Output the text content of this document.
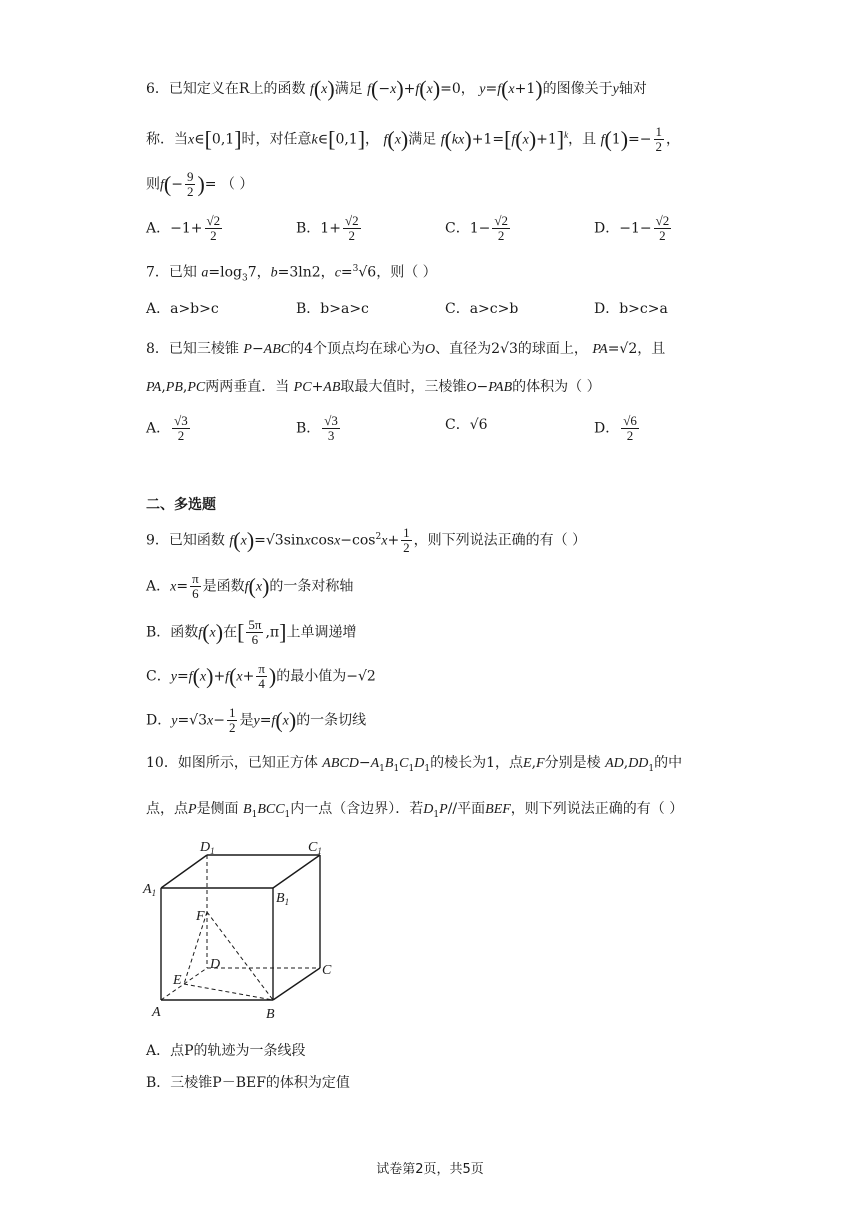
6．已知定义在R上的函数 f(x)满足 f(−x)+f(x)=0， y=f(x+1)的图像关于y轴对
称．当x∈[0,1]时，对任意k∈[0,1]， f(x)满足 $f(kx)+1=[f(x)+1]^k$，且 $f(1)=- \frac{1}{2}$ ，
则$f(- \frac{9}{2}$ )= （ ）
A．$-1+ \frac{√2}{2}$	B．$1+ \frac{√2}{2}$	C．$1- \frac{√2}{2}$	D．$-1- \frac{√2}{2}$
7．已知 $a=\log_37$，b=3ln2，c=$^3$√6，则（ ）
A．a>b>c	B．b>a>c	C．a>c>b	D．b>c>a
8．已知三棱锥 P−ABC的4个顶点均在球心为O、直径为2√3的球面上， PA=√2，且
PA,PB,PC两两垂直．当 PC+AB取最大值时，三棱锥O−PAB的体积为（ ）
A． $\frac{√3}{2}$	B． $\frac{√3}{3}$	C．√6	D． $\frac{√6}{2}$
二、多选题
9．已知函数 $f(x)=√3sinxcosx-\cos^2x+ \frac{1}{2}$ ，则下列说法正确的有（ ）
A．$x= \frac{\pi}{6}$ 是函数f(x)的一条对称轴
B．函数f(x)在[ $\frac{5\pi}{6} ,\pi$]上单调递增
C．$y=f(x)+f(x+ \frac{\pi}{4}$ )的最小值为−√2
D．$y=√3x- \frac{1}{2}$ 是y=f(x)的一条切线
10．如图所示，已知正方体 $ABCD-A_1B_1C_1D_1$的棱长为1，点E,F分别是棱 $AD,DD_1$的中
点，点P是侧面 $B_1BCC_1$内一点（含边界）．若$D_1P//$平面BEF，则下列说法正确的有（ ）
$D_1$	$C_1$
$A_1$	$B_1$
F
D	C
E
A	B
A．点P的轨迹为一条线段
B．三棱锥P－BEF的体积为定值
试卷第2页，共5页
